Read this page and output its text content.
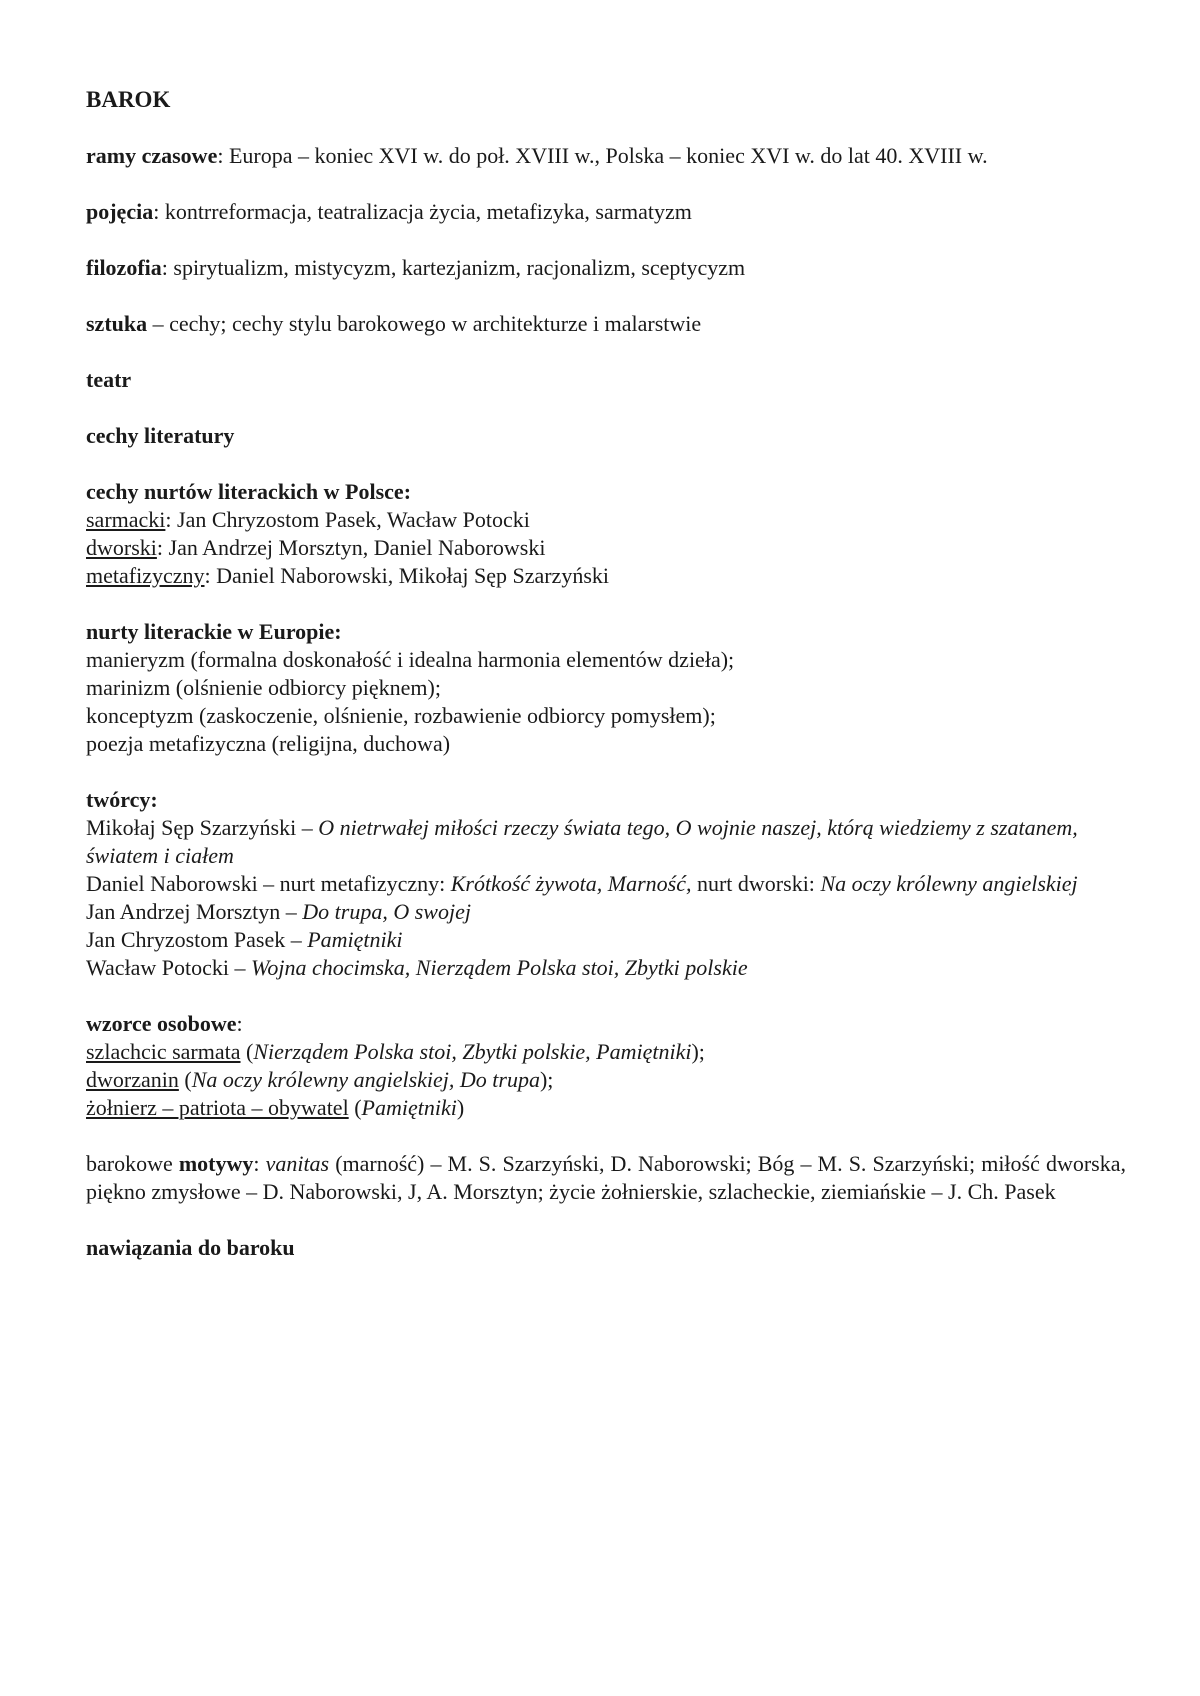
BAROK

ramy czasowe: Europa – koniec XVI w. do poł. XVIII w., Polska – koniec XVI w. do lat 40. XVIII w.

pojęcia: kontrreformacja, teatralizacja życia, metafizyka, sarmatyzm

filozofia: spirytualizm, mistycyzm, kartezjanizm, racjonalizm, sceptycyzm

sztuka – cechy; cechy stylu barokowego w architekturze i malarstwie

teatr

cechy literatury

cechy nurtów literackich w Polsce:

sarmacki: Jan Chryzostom Pasek, Wacław Potocki

dworski: Jan Andrzej Morsztyn, Daniel Naborowski

metafizyczny: Daniel Naborowski, Mikołaj Sęp Szarzyński

nurty literackie w Europie:

manieryzm (formalna doskonałość i idealna harmonia elementów dzieła);

marinizm (olśnienie odbiorcy pięknem);

konceptyzm (zaskoczenie, olśnienie, rozbawienie odbiorcy pomysłem);

poezja metafizyczna (religijna, duchowa)

twórcy:

Mikołaj Sęp Szarzyński – O nietrwałej miłości rzeczy świata tego, O wojnie naszej, którą wiedziemy z szatanem, światem i ciałem

Daniel Naborowski – nurt metafizyczny: Krótkość żywota, Marność, nurt dworski: Na oczy królewny angielskiej

Jan Andrzej Morsztyn – Do trupa, O swojej

Jan Chryzostom Pasek – Pamiętniki

Wacław Potocki – Wojna chocimska, Nierządem Polska stoi, Zbytki polskie

wzorce osobowe:

szlachcic sarmata (Nierządem Polska stoi, Zbytki polskie, Pamiętniki);

dworzanin (Na oczy królewny angielskiej, Do trupa);

żołnierz – patriota – obywatel (Pamiętniki)

barokowe motywy: vanitas (marność) – M. S. Szarzyński, D. Naborowski; Bóg – M. S. Szarzyński; miłość dworska, piękno zmysłowe – D. Naborowski, J, A. Morsztyn; życie żołnierskie, szlacheckie, ziemiańskie – J. Ch. Pasek

nawiązania do baroku
